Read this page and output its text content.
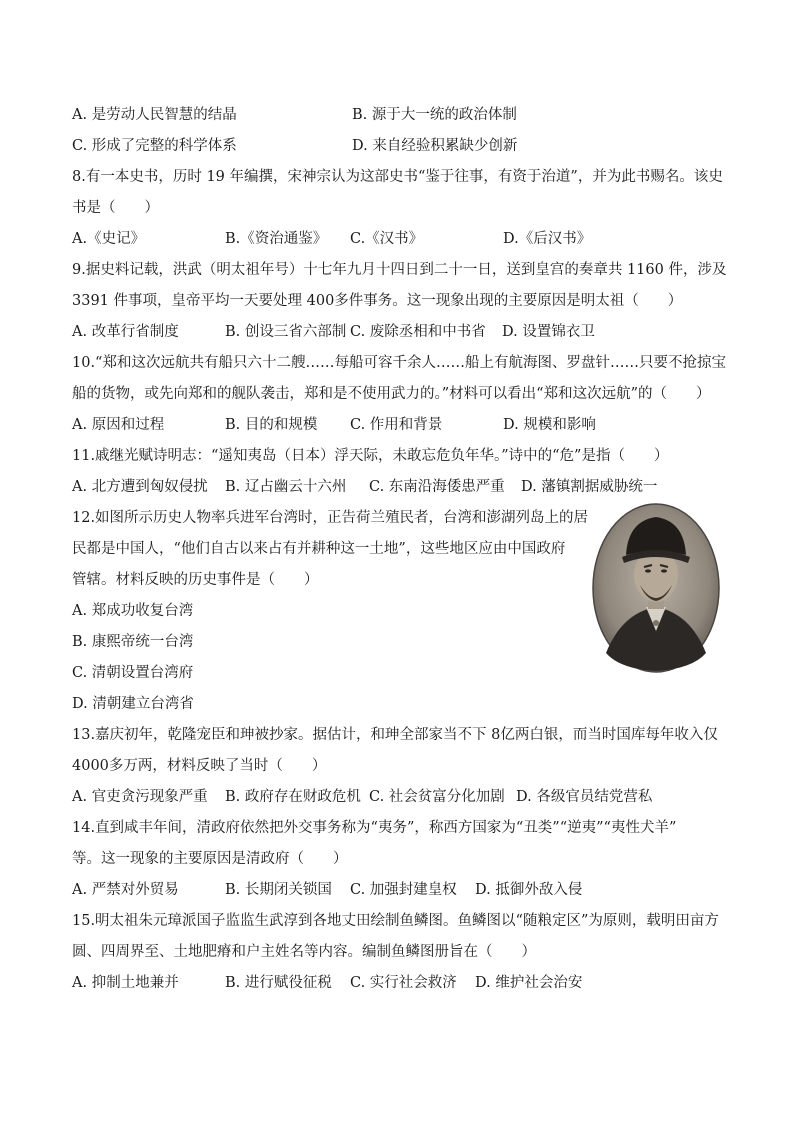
A. 是劳动人民智慧的结晶	B. 源于大一统的政治体制
C. 形成了完整的科学体系	D. 来自经验积累缺少创新
8.有一本史书，历时 19 年编撰，宋神宗认为这部史书“鉴于往事，有资于治道”，并为此书赐名。该史
书是（　　）
A.《史记》	B.《资治通鉴》	C.《汉书》	D.《后汉书》
9.据史料记载，洪武（明太祖年号）十七年九月十四日到二十一日，送到皇宫的奏章共 1160 件，涉及
3391 件事项，皇帝平均一天要处理 400多件事务。这一现象出现的主要原因是明太祖（　　）
A. 改革行省制度	B. 创设三省六部制 C. 废除丞相和中书省	D. 设置锦衣卫
10.“郑和这次远航共有船只六十二艘……每船可容千余人……船上有航海图、罗盘针……只要不抢掠宝
船的货物，或先向郑和的舰队袭击，郑和是不使用武力的。”材料可以看出“郑和这次远航”的（　　）
A. 原因和过程	B. 目的和规模	C. 作用和背景	D. 规模和影响
11.戚继光赋诗明志：“遥知夷岛（日本）浮天际，未敢忘危负年华。”诗中的“危”是指（　　）
A. 北方遭到匈奴侵扰	B. 辽占幽云十六州	C. 东南沿海倭患严重	D. 藩镇割据威胁统一
12.如图所示历史人物率兵进军台湾时，正告荷兰殖民者，台湾和澎湖列岛上的居
民都是中国人，“他们自古以来占有并耕种这一土地”，这些地区应由中国政府
管辖。材料反映的历史事件是（　　）
A. 郑成功收复台湾
B. 康熙帝统一台湾
C. 清朝设置台湾府
D. 清朝建立台湾省
13.嘉庆初年，乾隆宠臣和珅被抄家。据估计，和珅全部家当不下 8亿两白银，而当时国库每年收入仅
4000多万两，材料反映了当时（　　）
A. 官吏贪污现象严重	B. 政府存在财政危机 C. 社会贫富分化加剧 D. 各级官员结党营私
14.直到咸丰年间，清政府依然把外交事务称为“夷务”，称西方国家为“丑类”“逆夷”“夷性犬羊”
等。这一现象的主要原因是清政府（　　）
A. 严禁对外贸易	B. 长期闭关锁国	C. 加强封建皇权	D. 抵御外敌入侵
15.明太祖朱元璋派国子监监生武淳到各地丈田绘制鱼鳞图。鱼鳞图以“随粮定区”为原则，载明田亩方
圆、四周界至、土地肥瘠和户主姓名等内容。编制鱼鳞图册旨在（　　）
A. 抑制土地兼并	B. 进行赋役征税	C. 实行社会救济	D. 维护社会治安
